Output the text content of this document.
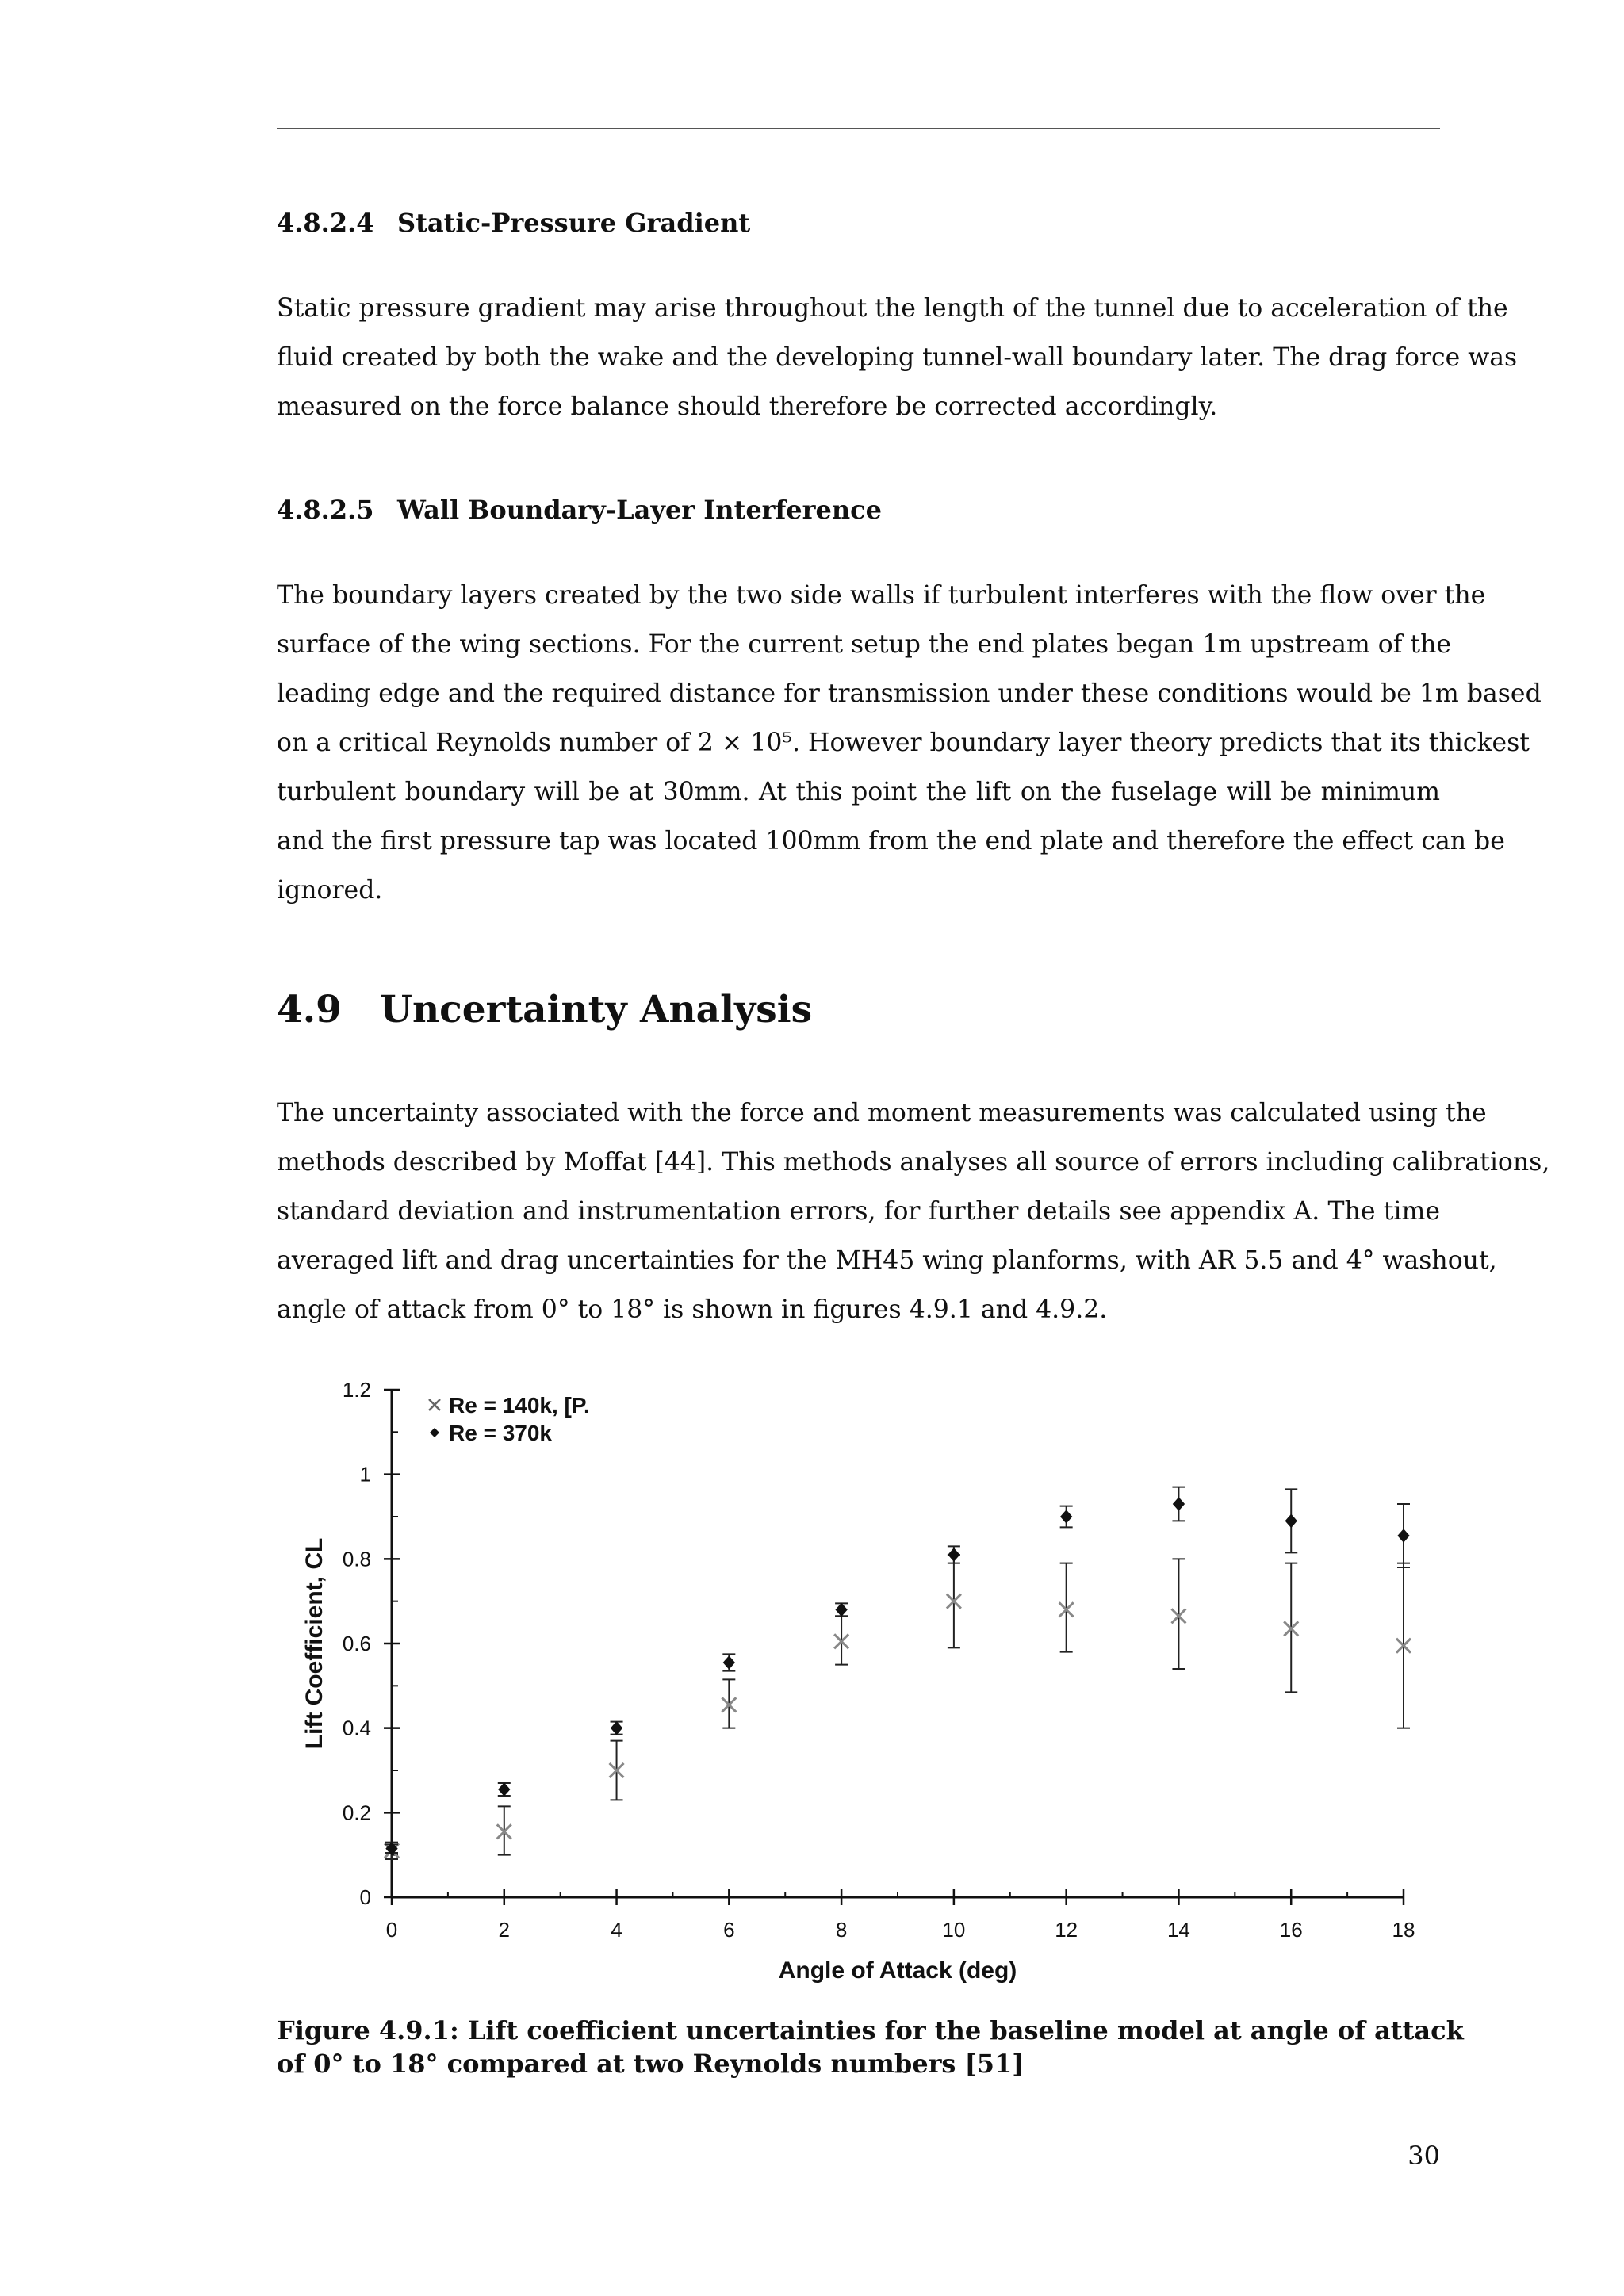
4.8.2.4 Static-Pressure Gradient
Static pressure gradient may arise throughout the length of the tunnel due to acceleration of the
fluid created by both the wake and the developing tunnel-wall boundary later. The drag force was
measured on the force balance should therefore be corrected accordingly.
4.8.2.5 Wall Boundary-Layer Interference
The boundary layers created by the two side walls if turbulent interferes with the flow over the
surface of the wing sections. For the current setup the end plates began 1m upstream of the
leading edge and the required distance for transmission under these conditions would be 1m based
on a critical Reynolds number of 2 × 10⁵. However boundary layer theory predicts that its thickest
turbulent boundary will be at 30mm. At this point the lift on the fuselage will be minimum
and the first pressure tap was located 100mm from the end plate and therefore the effect can be
ignored.
4.9 Uncertainty Analysis
The uncertainty associated with the force and moment measurements was calculated using the
methods described by Moffat [44]. This methods analyses all source of errors including calibrations,
standard deviation and instrumentation errors, for further details see appendix A. The time
averaged lift and drag uncertainties for the MH45 wing planforms, with AR 5.5 and 4° washout,
angle of attack from 0° to 18° is shown in figures 4.9.1 and 4.9.2.
0
0.2
0.4
0.6
0.8
1
1.2
0	2	4	6	8	10	12	14	16	18
Angle of Attack (deg)
Lift Coefficient, CL
Re = 140k, [P.
Re = 370k
Figure 4.9.1: Lift coefficient uncertainties for the baseline model at angle of attack
of 0° to 18° compared at two Reynolds numbers [51]
30
